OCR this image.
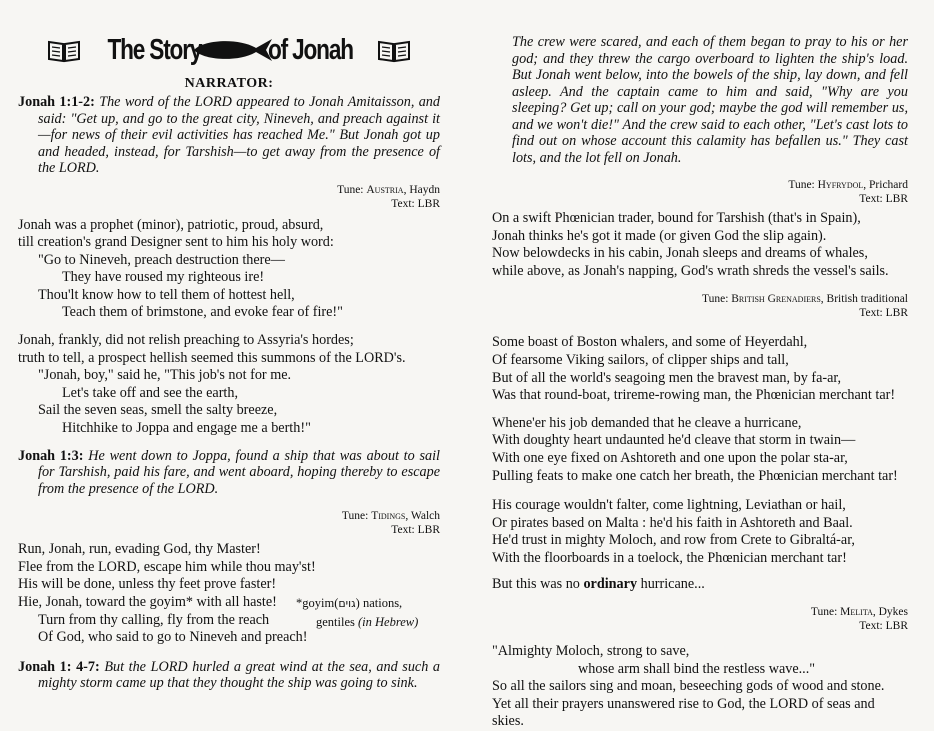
The Story of Jonah
NARRATOR:
Jonah 1:1-2: The word of the LORD appeared to Jonah Amitaisson, and said: "Get up, and go to the great city, Nineveh, and preach against it—for news of their evil activities has reached Me." But Jonah got up and headed, instead, for Tarshish—to get away from the presence of the LORD.
Tune: Austria, Haydn
Text: LBR
Jonah was a prophet (minor), patriotic, proud, absurd,
till creation's grand Designer sent to him his holy word:
"Go to Nineveh, preach destruction there—
They have roused my righteous ire!
Thou'lt know how to tell them of hottest hell,
Teach them of brimstone, and evoke fear of fire!"
Jonah, frankly, did not relish preaching to Assyria's hordes;
truth to tell, a prospect hellish seemed this summons of the LORD's.
"Jonah, boy," said he, "This job's not for me.
Let's take off and see the earth,
Sail the seven seas, smell the salty breeze,
Hitchhike to Joppa and engage me a berth!"
Jonah 1:3: He went down to Joppa, found a ship that was about to sail for Tarshish, paid his fare, and went aboard, hoping thereby to escape from the presence of the LORD.
Tune: Tidings, Walch
Text: LBR
Run, Jonah, run, evading God, thy Master!
Flee from the LORD, escape him while thou may'st!
His will be done, unless thy feet prove faster!
Hie, Jonah, toward the goyim* with all haste!
Turn from thy calling, fly from the reach
Of God, who said to go to Nineveh and preach!
*goyim(גוים) nations,
gentiles (in Hebrew)
Jonah 1: 4-7: But the LORD hurled a great wind at the sea, and such a mighty storm came up that they thought the ship was going to sink.
The crew were scared, and each of them began to pray to his or her god; and they threw the cargo overboard to lighten the ship's load. But Jonah went below, into the bowels of the ship, lay down, and fell asleep. And the captain came to him and said, "Why are you sleeping? Get up; call on your god; maybe the god will remember us, and we won't die!" And the crew said to each other, "Let's cast lots to find out on whose account this calamity has befallen us." They cast lots, and the lot fell on Jonah.
Tune: Hyfrydol, Prichard
Text: LBR
On a swift Phœnician trader, bound for Tarshish (that's in Spain),
Jonah thinks he's got it made (or given God the slip again).
Now belowdecks in his cabin, Jonah sleeps and dreams of whales,
while above, as Jonah's napping, God's wrath shreds the vessel's sails.
Tune: British Grenadiers, British traditional
Text: LBR
Some boast of Boston whalers, and some of Heyerdahl,
Of fearsome Viking sailors, of clipper ships and tall,
But of all the world's seagoing men the bravest man, by fa-ar,
Was that round-boat, trireme-rowing man, the Phœnician merchant tar!
Whene'er his job demanded that he cleave a hurricane,
With doughty heart undaunted he'd cleave that storm in twain—
With one eye fixed on Ashtoreth and one upon the polar sta-ar,
Pulling feats to make one catch her breath, the Phœnician merchant tar!
His courage wouldn't falter, come lightning, Leviathan or hail,
Or pirates based on Malta : he'd his faith in Ashtoreth and Baal.
He'd trust in mighty Moloch, and row from Crete to Gibraltá-ar,
With the floorboards in a toelock, the Phœnician merchant tar!
But this was no ordinary hurricane...
Tune: Melita, Dykes
Text: LBR
"Almighty Moloch, strong to save,
whose arm shall bind the restless wave..."
So all the sailors sing and moan, beseeching gods of wood and stone.
Yet all their prayers unanswered rise to God, the LORD of seas and skies.
